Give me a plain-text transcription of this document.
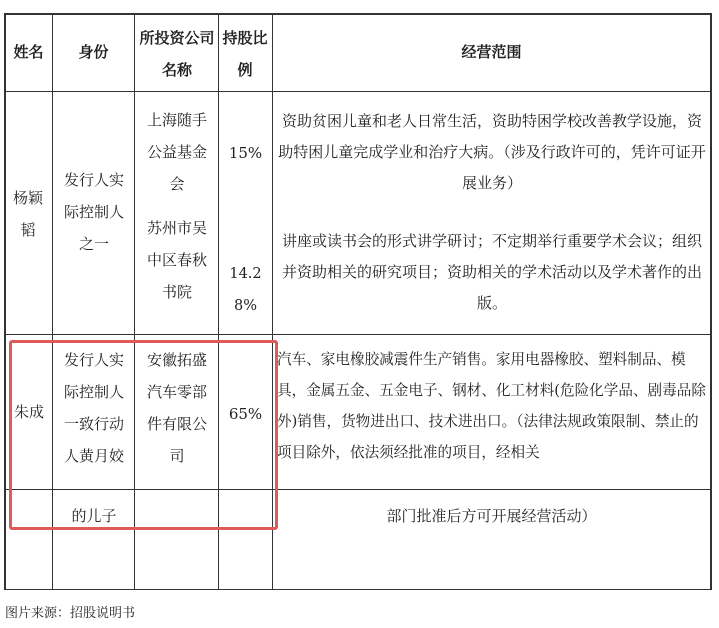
姓名	身份
所投资公司名称
持股比例
经营范围
杨颖韬
发行人实际控制人之一
上海随手公益基金会
15%
资助贫困儿童和老人日常生活，资助特困学校改善教学设施，资助特困儿童完成学业和治疗大病。（涉及行政许可的，凭许可证开展业务）
苏州市吴中区春秋书院
14.28%
讲座或读书会的形式讲学研讨；不定期举行重要学术会议；组织并资助相关的研究项目；资助相关的学术活动以及学术著作的出版。
朱成
发行人实际控制人一致行动人黄月姣
安徽拓盛汽车零部件有限公司
65%
汽车、家电橡胶减震件生产销售。家用电器橡胶、塑料制品、模具，金属五金、五金电子、钢材、化工材料(危险化学品、剧毒品除外)销售，货物进出口、技术进出口。（法律法规政策限制、禁止的项目除外，依法须经批准的项目，经相关
的儿子	部门批准后方可开展经营活动）
图片来源：招股说明书
